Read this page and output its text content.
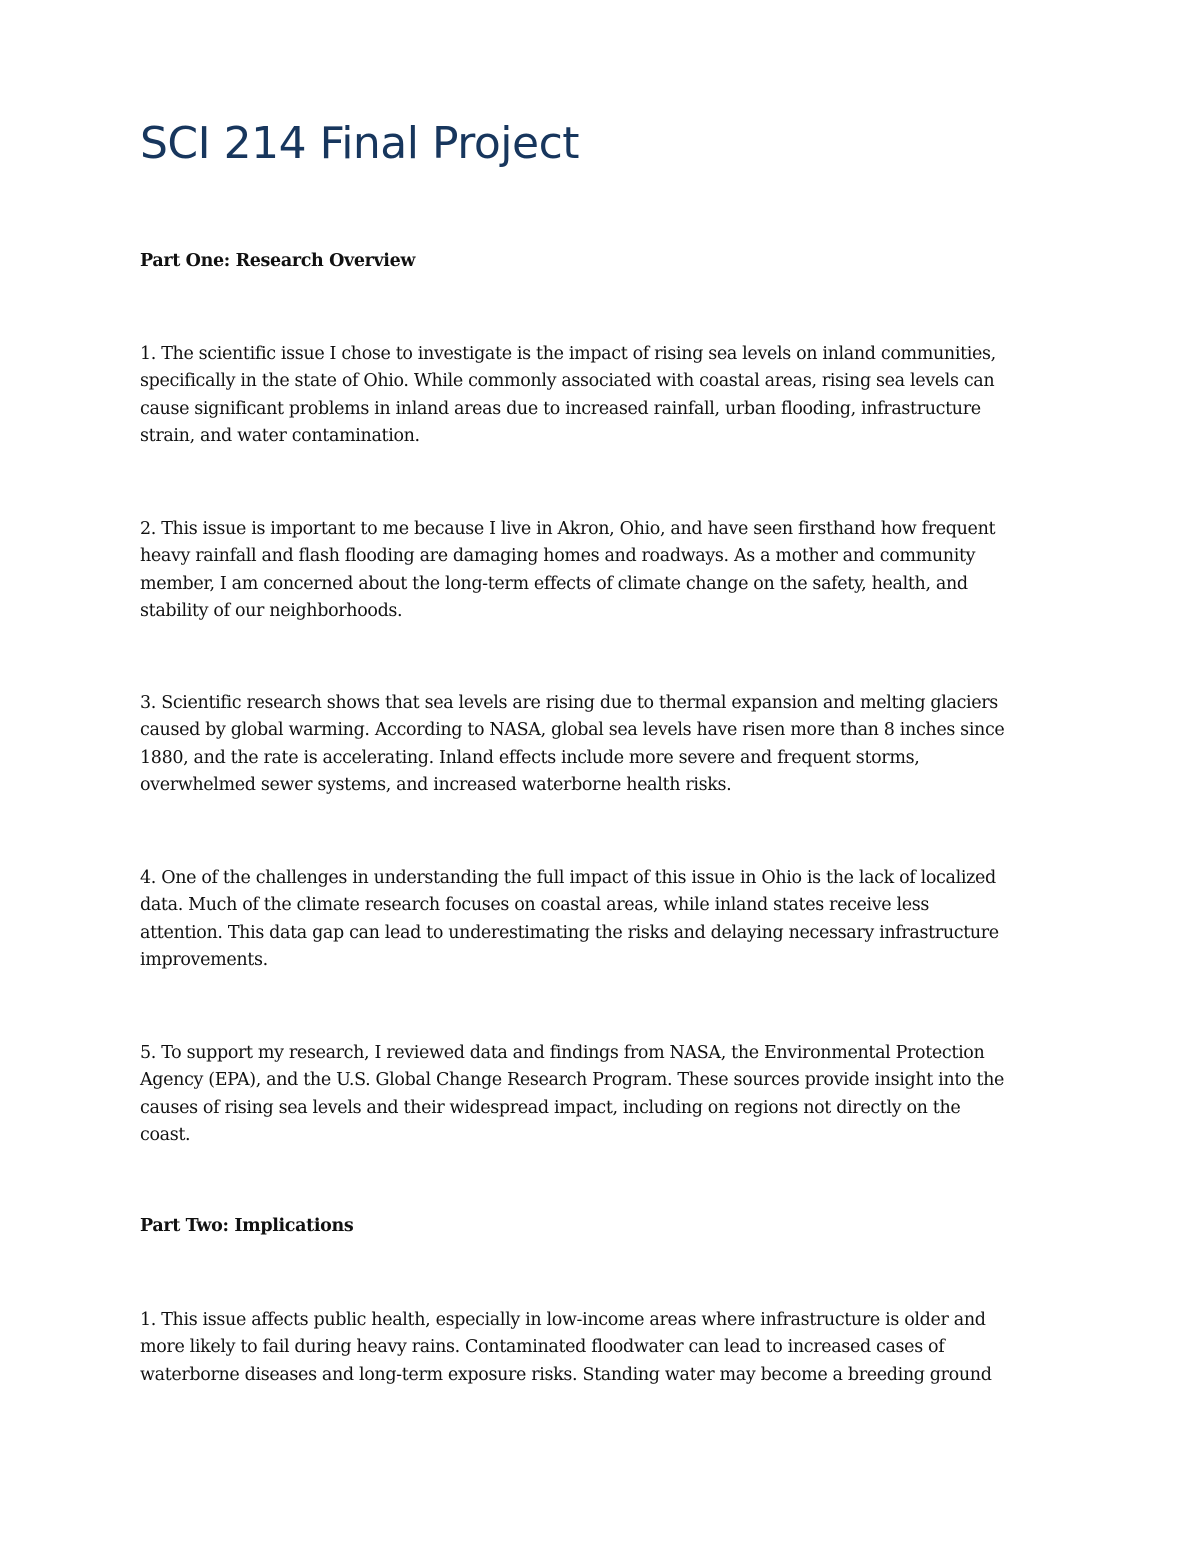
SCI 214 Final Project
Part One: Research Overview
1. The scientific issue I chose to investigate is the impact of rising sea levels on inland communities,
specifically in the state of Ohio. While commonly associated with coastal areas, rising sea levels can
cause significant problems in inland areas due to increased rainfall, urban flooding, infrastructure
strain, and water contamination.
2. This issue is important to me because I live in Akron, Ohio, and have seen firsthand how frequent
heavy rainfall and flash flooding are damaging homes and roadways. As a mother and community
member, I am concerned about the long-term effects of climate change on the safety, health, and
stability of our neighborhoods.
3. Scientific research shows that sea levels are rising due to thermal expansion and melting glaciers
caused by global warming. According to NASA, global sea levels have risen more than 8 inches since
1880, and the rate is accelerating. Inland effects include more severe and frequent storms,
overwhelmed sewer systems, and increased waterborne health risks.
4. One of the challenges in understanding the full impact of this issue in Ohio is the lack of localized
data. Much of the climate research focuses on coastal areas, while inland states receive less
attention. This data gap can lead to underestimating the risks and delaying necessary infrastructure
improvements.
5. To support my research, I reviewed data and findings from NASA, the Environmental Protection
Agency (EPA), and the U.S. Global Change Research Program. These sources provide insight into the
causes of rising sea levels and their widespread impact, including on regions not directly on the
coast.
Part Two: Implications
1. This issue affects public health, especially in low-income areas where infrastructure is older and
more likely to fail during heavy rains. Contaminated floodwater can lead to increased cases of
waterborne diseases and long-term exposure risks. Standing water may become a breeding ground
